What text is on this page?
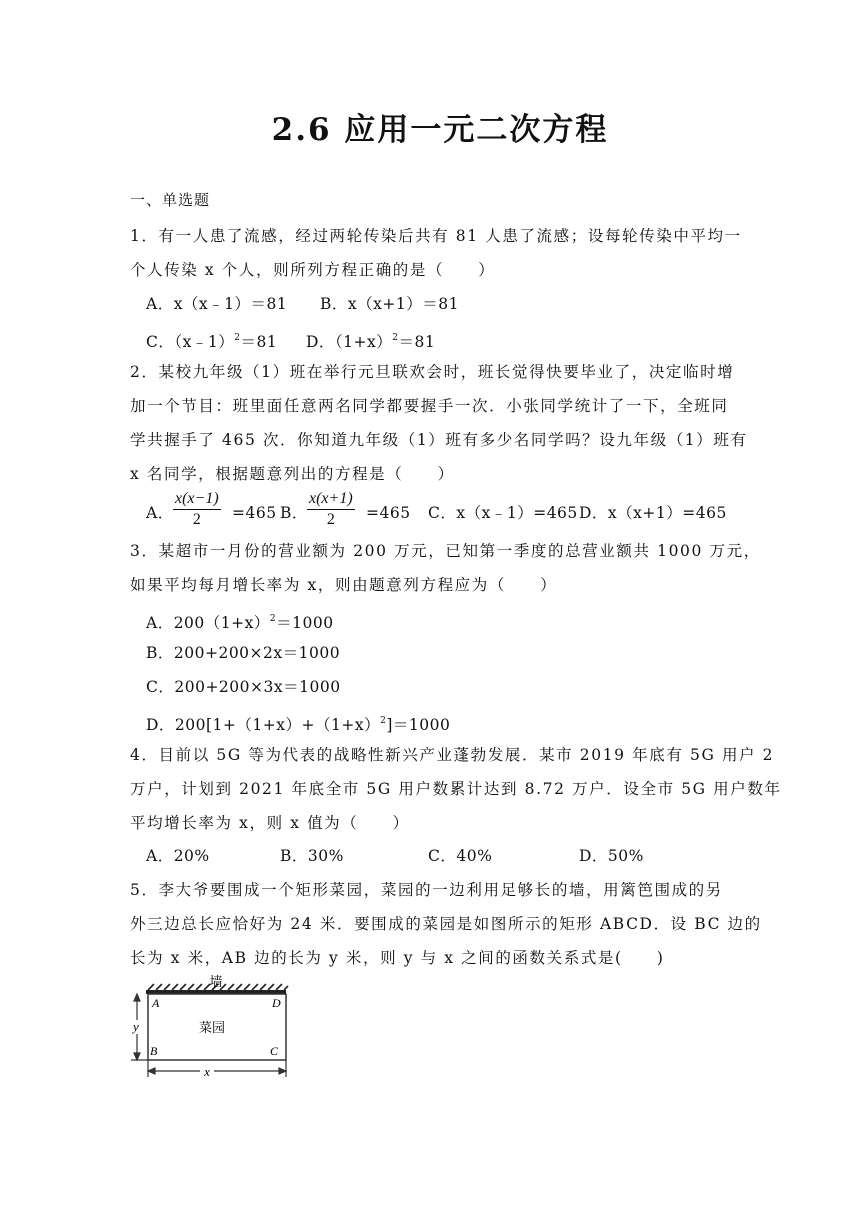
2.6 应用一元二次方程
一、单选题
1．有一人患了流感，经过两轮传染后共有 81 人患了流感；设每轮传染中平均一
个人传染 x 个人，则所列方程正确的是（　　）
A．x（x﹣1）＝81 B．x（x+1）＝81
C．（x﹣1）$^2$＝81 D．$(1+x)^2=81$
2．某校九年级（1）班在举行元旦联欢会时，班长觉得快要毕业了，决定临时增
加一个节目：班里面任意两名同学都要握手一次．小张同学统计了一下，全班同
学共握手了 465 次．你知道九年级（1）班有多少名同学吗？设九年级（1）班有
x 名同学，根据题意列出的方程是（　　）
A． $\frac{x(x-1)}{2} =465$ B． $\frac{x(x+1)}{2} =465$ C．x（x﹣1）=465 D．x（x+1）=465
3．某超市一月份的营业额为 200 万元，已知第一季度的总营业额共 1000 万元，
如果平均每月增长率为 x，则由题意列方程应为（　　）
A．$200(1+x)^2=1000$
B．200+200×2x＝1000
C．200+200×3x＝1000
D．$200[1+(1+x)+(1+x)^2]=1000$
4．目前以 5G 等为代表的战略性新兴产业蓬勃发展．某市 2019 年底有 5G 用户 2
万户，计划到 2021 年底全市 5G 用户数累计达到 8.72 万户．设全市 5G 用户数年
平均增长率为 x，则 x 值为（　　）
A．20%	B．30%	C．40%	D．50%
5．李大爷要围成一个矩形菜园，菜园的一边利用足够长的墙，用篱笆围成的另
外三边总长应恰好为 24 米．要围成的菜园是如图所示的矩形 ABCD．设 BC 边的
长为 x 米，AB 边的长为 y 米，则 y 与 x 之间的函数关系式是(　　)
墙
菜园
A	D
B	C
y
x
